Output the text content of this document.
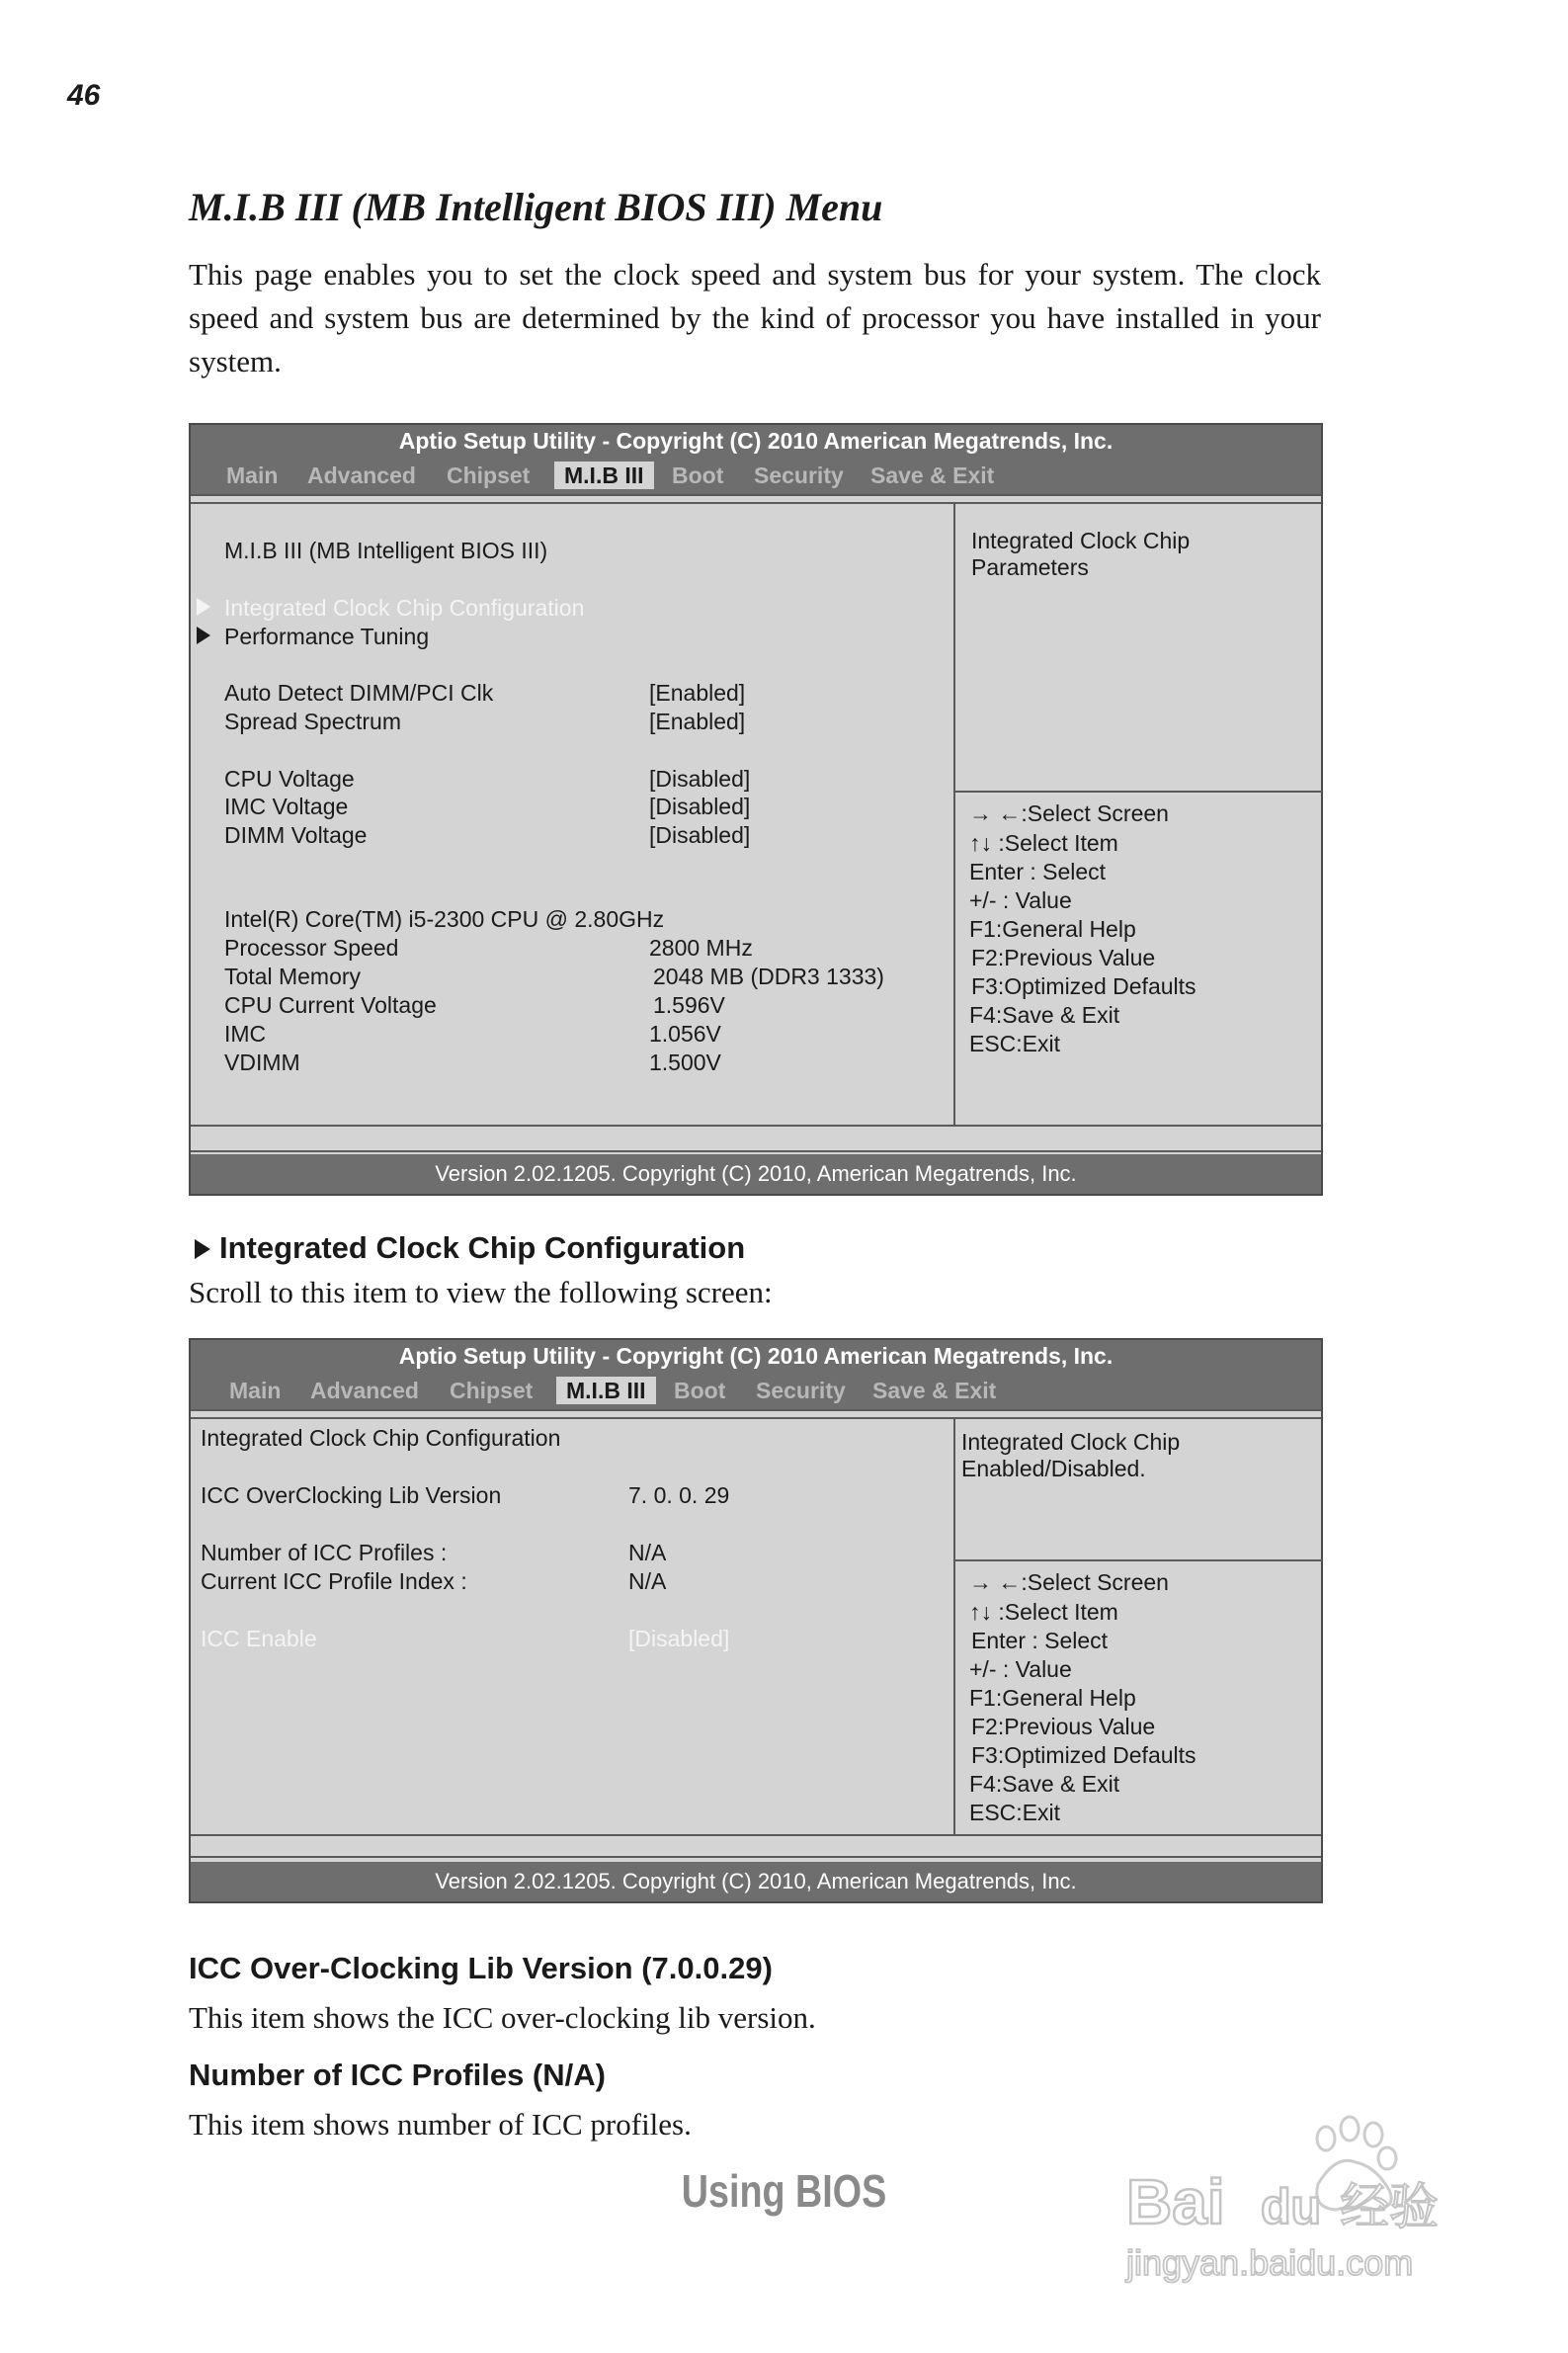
46
M.I.B III (MB Intelligent BIOS III) Menu
This page enables you to set the clock speed and system bus for your system. The clock speed and system bus are determined by the kind of processor you have installed in your system.
Aptio Setup Utility - Copyright (C) 2010 American Megatrends, Inc.
Main Advanced Chipset	M.I.B III	Boot Security Save & Exit
M.I.B III (MB Intelligent BIOS III)
Integrated Clock Chip Configuration
Performance Tuning
Auto Detect DIMM/PCI Clk	[Enabled]
Spread Spectrum	[Enabled]
CPU Voltage	[Disabled]
IMC Voltage	[Disabled]
DIMM Voltage	[Disabled]
Intel(R) Core(TM) i5-2300 CPU @ 2.80GHz
Processor Speed	2800 MHz
Total Memory	2048 MB (DDR3 1333)
CPU Current Voltage	1.596V
IMC	1.056V
VDIMM	1.500V
Integrated Clock Chip
Parameters
→ ←:Select Screen
↑↓ :Select Item
Enter : Select
+/- : Value
F1:General Help
F2:Previous Value
F3:Optimized Defaults
F4:Save & Exit
ESC:Exit
Version 2.02.1205. Copyright (C) 2010, American Megatrends, Inc.
Integrated Clock Chip Configuration
Scroll to this item to view the following screen:
Aptio Setup Utility - Copyright (C) 2010 American Megatrends, Inc.
Main Advanced Chipset	M.I.B III	Boot Security Save & Exit
Integrated Clock Chip Configuration
ICC OverClocking Lib Version	7. 0. 0. 29
Number of ICC Profiles :	N/A
Current ICC Profile Index :	N/A
ICC Enable	[Disabled]
Integrated Clock Chip
Enabled/Disabled.
→ ←:Select Screen
↑↓ :Select Item
Enter : Select
+/- : Value
F1:General Help
F2:Previous Value
F3:Optimized Defaults
F4:Save & Exit
ESC:Exit
Version 2.02.1205. Copyright (C) 2010, American Megatrends, Inc.
ICC Over-Clocking Lib Version (7.0.0.29)
This item shows the ICC over-clocking lib version.
Number of ICC Profiles (N/A)
This item shows number of ICC profiles.
Using BIOS	Bai du 经验
jingyan.baidu.com
